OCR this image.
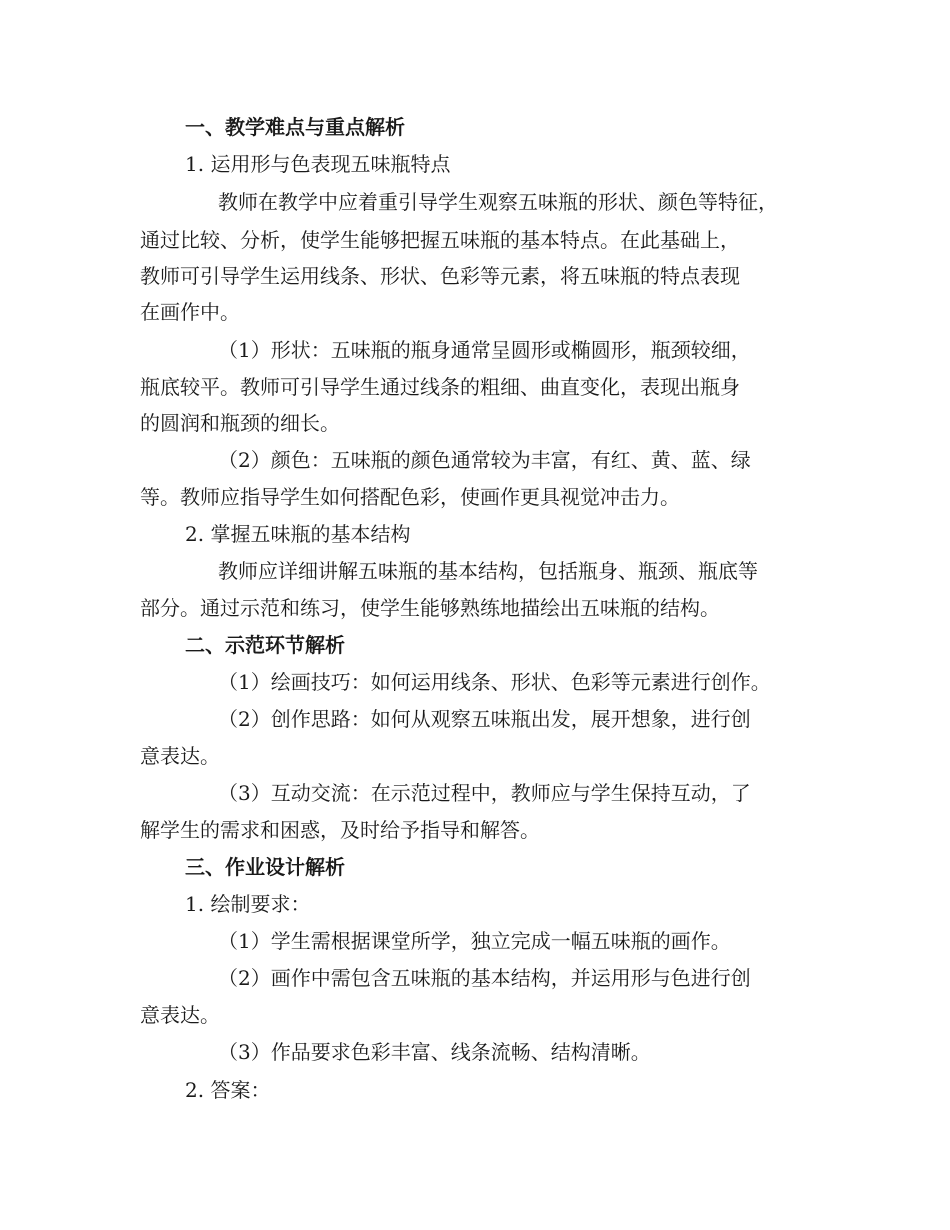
一、教学难点与重点解析
1. 运用形与色表现五味瓶特点
教师在教学中应着重引导学生观察五味瓶的形状、颜色等特征，
通过比较、分析，使学生能够把握五味瓶的基本特点。在此基础上，
教师可引导学生运用线条、形状、色彩等元素，将五味瓶的特点表现
在画作中。
（1）形状：五味瓶的瓶身通常呈圆形或椭圆形，瓶颈较细，
瓶底较平。教师可引导学生通过线条的粗细、曲直变化，表现出瓶身
的圆润和瓶颈的细长。
（2）颜色：五味瓶的颜色通常较为丰富，有红、黄、蓝、绿
等。教师应指导学生如何搭配色彩，使画作更具视觉冲击力。
2. 掌握五味瓶的基本结构
教师应详细讲解五味瓶的基本结构，包括瓶身、瓶颈、瓶底等
部分。通过示范和练习，使学生能够熟练地描绘出五味瓶的结构。
二、示范环节解析
（1）绘画技巧：如何运用线条、形状、色彩等元素进行创作。
（2）创作思路：如何从观察五味瓶出发，展开想象，进行创
意表达。
（3）互动交流：在示范过程中，教师应与学生保持互动，了
解学生的需求和困惑，及时给予指导和解答。
三、作业设计解析
1. 绘制要求：
（1）学生需根据课堂所学，独立完成一幅五味瓶的画作。
（2）画作中需包含五味瓶的基本结构，并运用形与色进行创
意表达。
（3）作品要求色彩丰富、线条流畅、结构清晰。
2. 答案：
